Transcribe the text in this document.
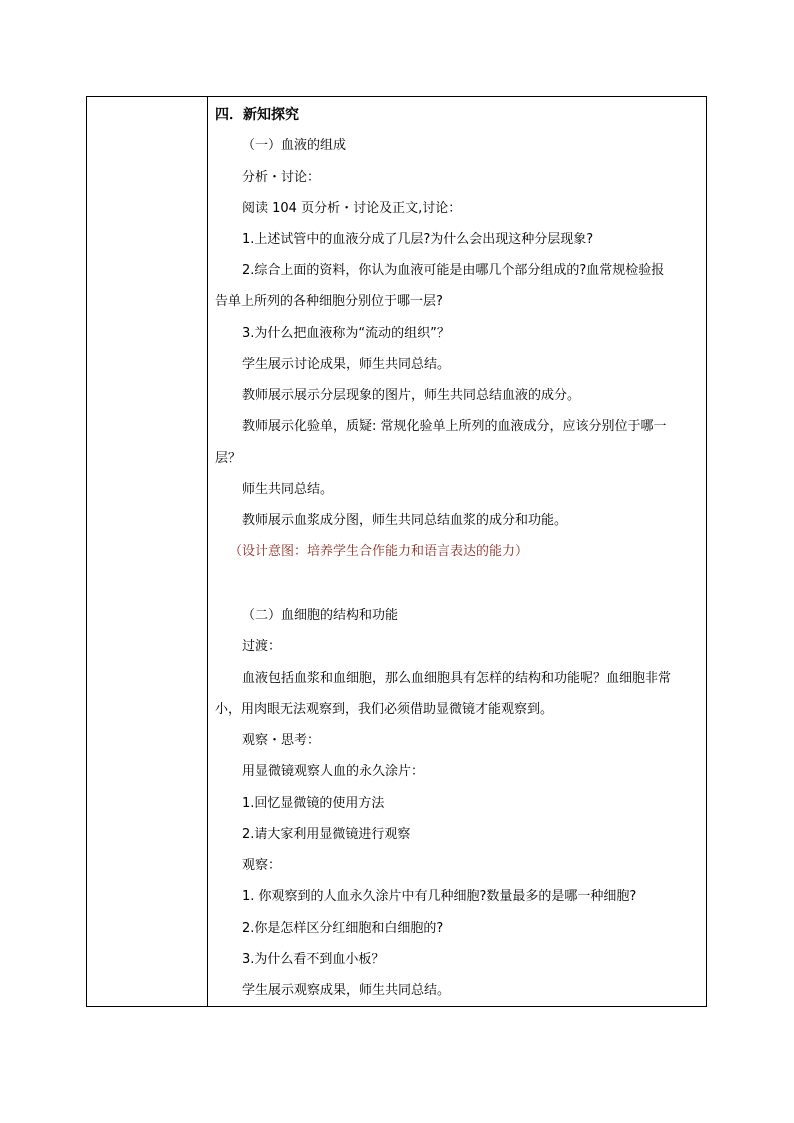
四．新知探究
（一）血液的组成
分析・讨论：
阅读 104 页分析・讨论及正文,讨论：
1.上述试管中的血液分成了几层?为什么会出现这种分层现象?
2.综合上面的资料，你认为血液可能是由哪几个部分组成的?血常规检验报
告单上所列的各种细胞分别位于哪一层?
3.为什么把血液称为“流动的组织”？
学生展示讨论成果，师生共同总结。
教师展示展示分层现象的图片，师生共同总结血液的成分。
教师展示化验单，质疑: 常规化验单上所列的血液成分，应该分别位于哪一
层？
师生共同总结。
教师展示血浆成分图，师生共同总结血浆的成分和功能。
（设计意图：培养学生合作能力和语言表达的能力）
（二）血细胞的结构和功能
过渡：
血液包括血浆和血细胞，那么血细胞具有怎样的结构和功能呢？血细胞非常
小，用肉眼无法观察到，我们必须借助显微镜才能观察到。
观察・思考：
用显微镜观察人血的永久涂片：
1.回忆显微镜的使用方法
2.请大家利用显微镜进行观察
观察：
1. 你观察到的人血永久涂片中有几种细胞?数量最多的是哪一种细胞?
2.你是怎样区分红细胞和白细胞的?
3.为什么看不到血小板？
学生展示观察成果，师生共同总结。
